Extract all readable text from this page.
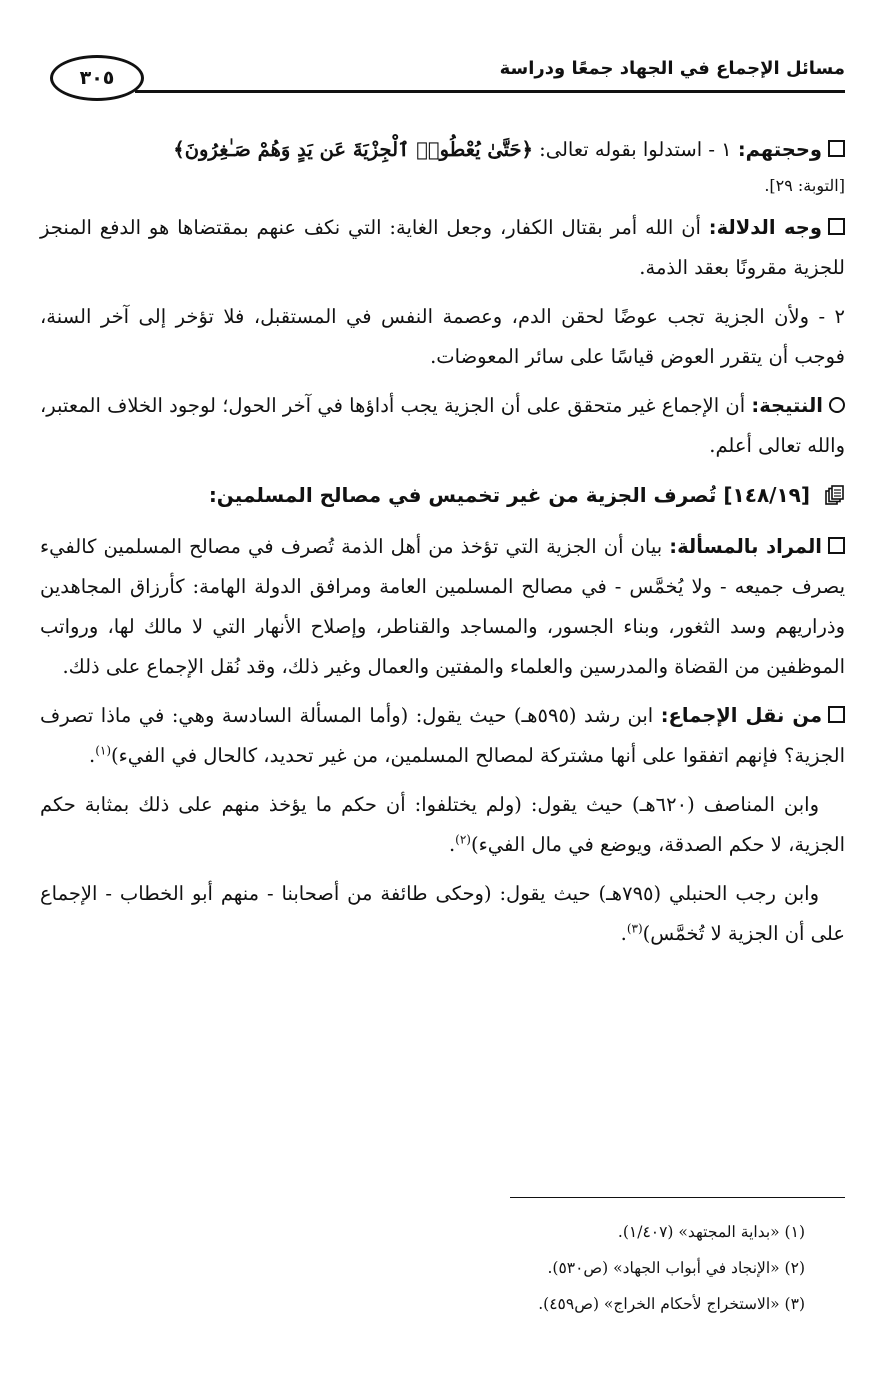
مسائل الإجماع في الجهاد جمعًا ودراسة
٣٠٥

وحجتهم: ١ - استدلوا بقوله تعالى: ﴿حَتَّىٰ يُعْطُوا۟ ٱلْجِزْيَةَ عَن يَدٍ وَهُمْ صَـٰغِرُونَ﴾

[التوبة: ٢٩].

وجه الدلالة: أن الله أمر بقتال الكفار، وجعل الغاية: التي نكف عنهم بمقتضاها هو الدفع المنجز للجزية مقرونًا بعقد الذمة.

٢ - ولأن الجزية تجب عوضًا لحقن الدم، وعصمة النفس في المستقبل، فلا تؤخر إلى آخر السنة، فوجب أن يتقرر العوض قياسًا على سائر المعوضات.

النتيجة: أن الإجماع غير متحقق على أن الجزية يجب أداؤها في آخر الحول؛ لوجود الخلاف المعتبر، والله تعالى أعلم.

[١٤٨/١٩] تُصرف الجزية من غير تخميس في مصالح المسلمين:

المراد بالمسألة: بيان أن الجزية التي تؤخذ من أهل الذمة تُصرف في مصالح المسلمين كالفيء يصرف جميعه - ولا يُخمَّس - في مصالح المسلمين العامة ومرافق الدولة الهامة: كأرزاق المجاهدين وذراريهم وسد الثغور، وبناء الجسور، والمساجد والقناطر، وإصلاح الأنهار التي لا مالك لها، ورواتب الموظفين من القضاة والمدرسين والعلماء والمفتين والعمال وغير ذلك، وقد نُقل الإجماع على ذلك.

من نقل الإجماع: ابن رشد (٥٩٥هـ) حيث يقول: (وأما المسألة السادسة وهي: في ماذا تصرف الجزية؟ فإنهم اتفقوا على أنها مشتركة لمصالح المسلمين، من غير تحديد، كالحال في الفيء)$^{(١)}$.

وابن المناصف (٦٢٠هـ) حيث يقول: (ولم يختلفوا: أن حكم ما يؤخذ منهم على ذلك بمثابة حكم الجزية، لا حكم الصدقة، ويوضع في مال الفيء)$^{(٢)}$.

وابن رجب الحنبلي (٧٩٥هـ) حيث يقول: (وحكى طائفة من أصحابنا - منهم أبو الخطاب - الإجماع على أن الجزية لا تُخمَّس)$^{(٣)}$.

(١) «بداية المجتهد» (١/٤٠٧).

(٢) «الإنجاد في أبواب الجهاد» (ص٥٣٠).

(٣) «الاستخراج لأحكام الخراج» (ص٤٥٩).
